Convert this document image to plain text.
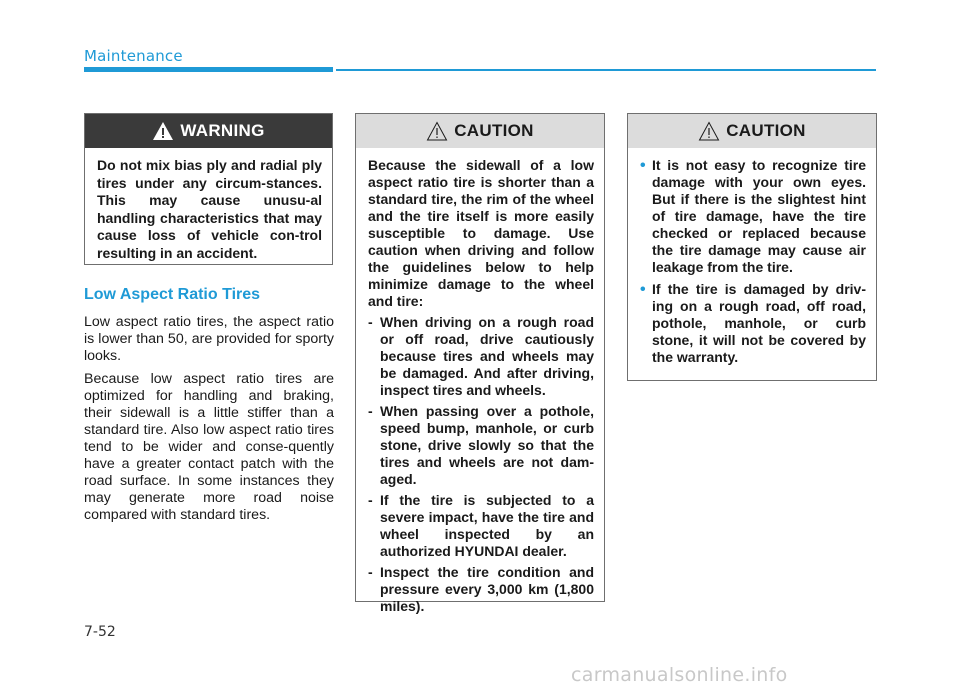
Maintenance
WARNING

Do not mix bias ply and radial ply tires under any circum-stances. This may cause unusu-al handling characteristics that may cause loss of vehicle con-trol resulting in an accident.

Low Aspect Ratio Tires

Low aspect ratio tires, the aspect ratio is lower than 50, are provided for sporty looks.

Because low aspect ratio tires are optimized for handling and braking, their sidewall is a little stiffer than a standard tire. Also low aspect ratio tires tend to be wider and conse-quently have a greater contact patch with the road surface. In some instances they may generate more road noise compared with standard tires.

CAUTION

Because the sidewall of a low aspect ratio tire is shorter than a standard tire, the rim of the wheel and the tire itself is more easily susceptible to damage. Use caution when driving and follow the guidelines below to help minimize damage to the wheel and tire:

- When driving on a rough road or off road, drive cautiously because tires and wheels may be damaged. And after driving, inspect tires and wheels.
- When passing over a pothole, speed bump, manhole, or curb stone, drive slowly so that the tires and wheels are not dam-aged.
- If the tire is subjected to a severe impact, have the tire and wheel inspected by an authorized HYUNDAI dealer.
- Inspect the tire condition and pressure every 3,000 km (1,800 miles).
CAUTION
• It is not easy to recognize tire damage with your own eyes. But if there is the slightest hint of tire damage, have the tire checked or replaced because the tire damage may cause air leakage from the tire.
• If the tire is damaged by driv-ing on a rough road, off road, pothole, manhole, or curb stone, it will not be covered by the warranty.
7-52
carmanualsonline.info
